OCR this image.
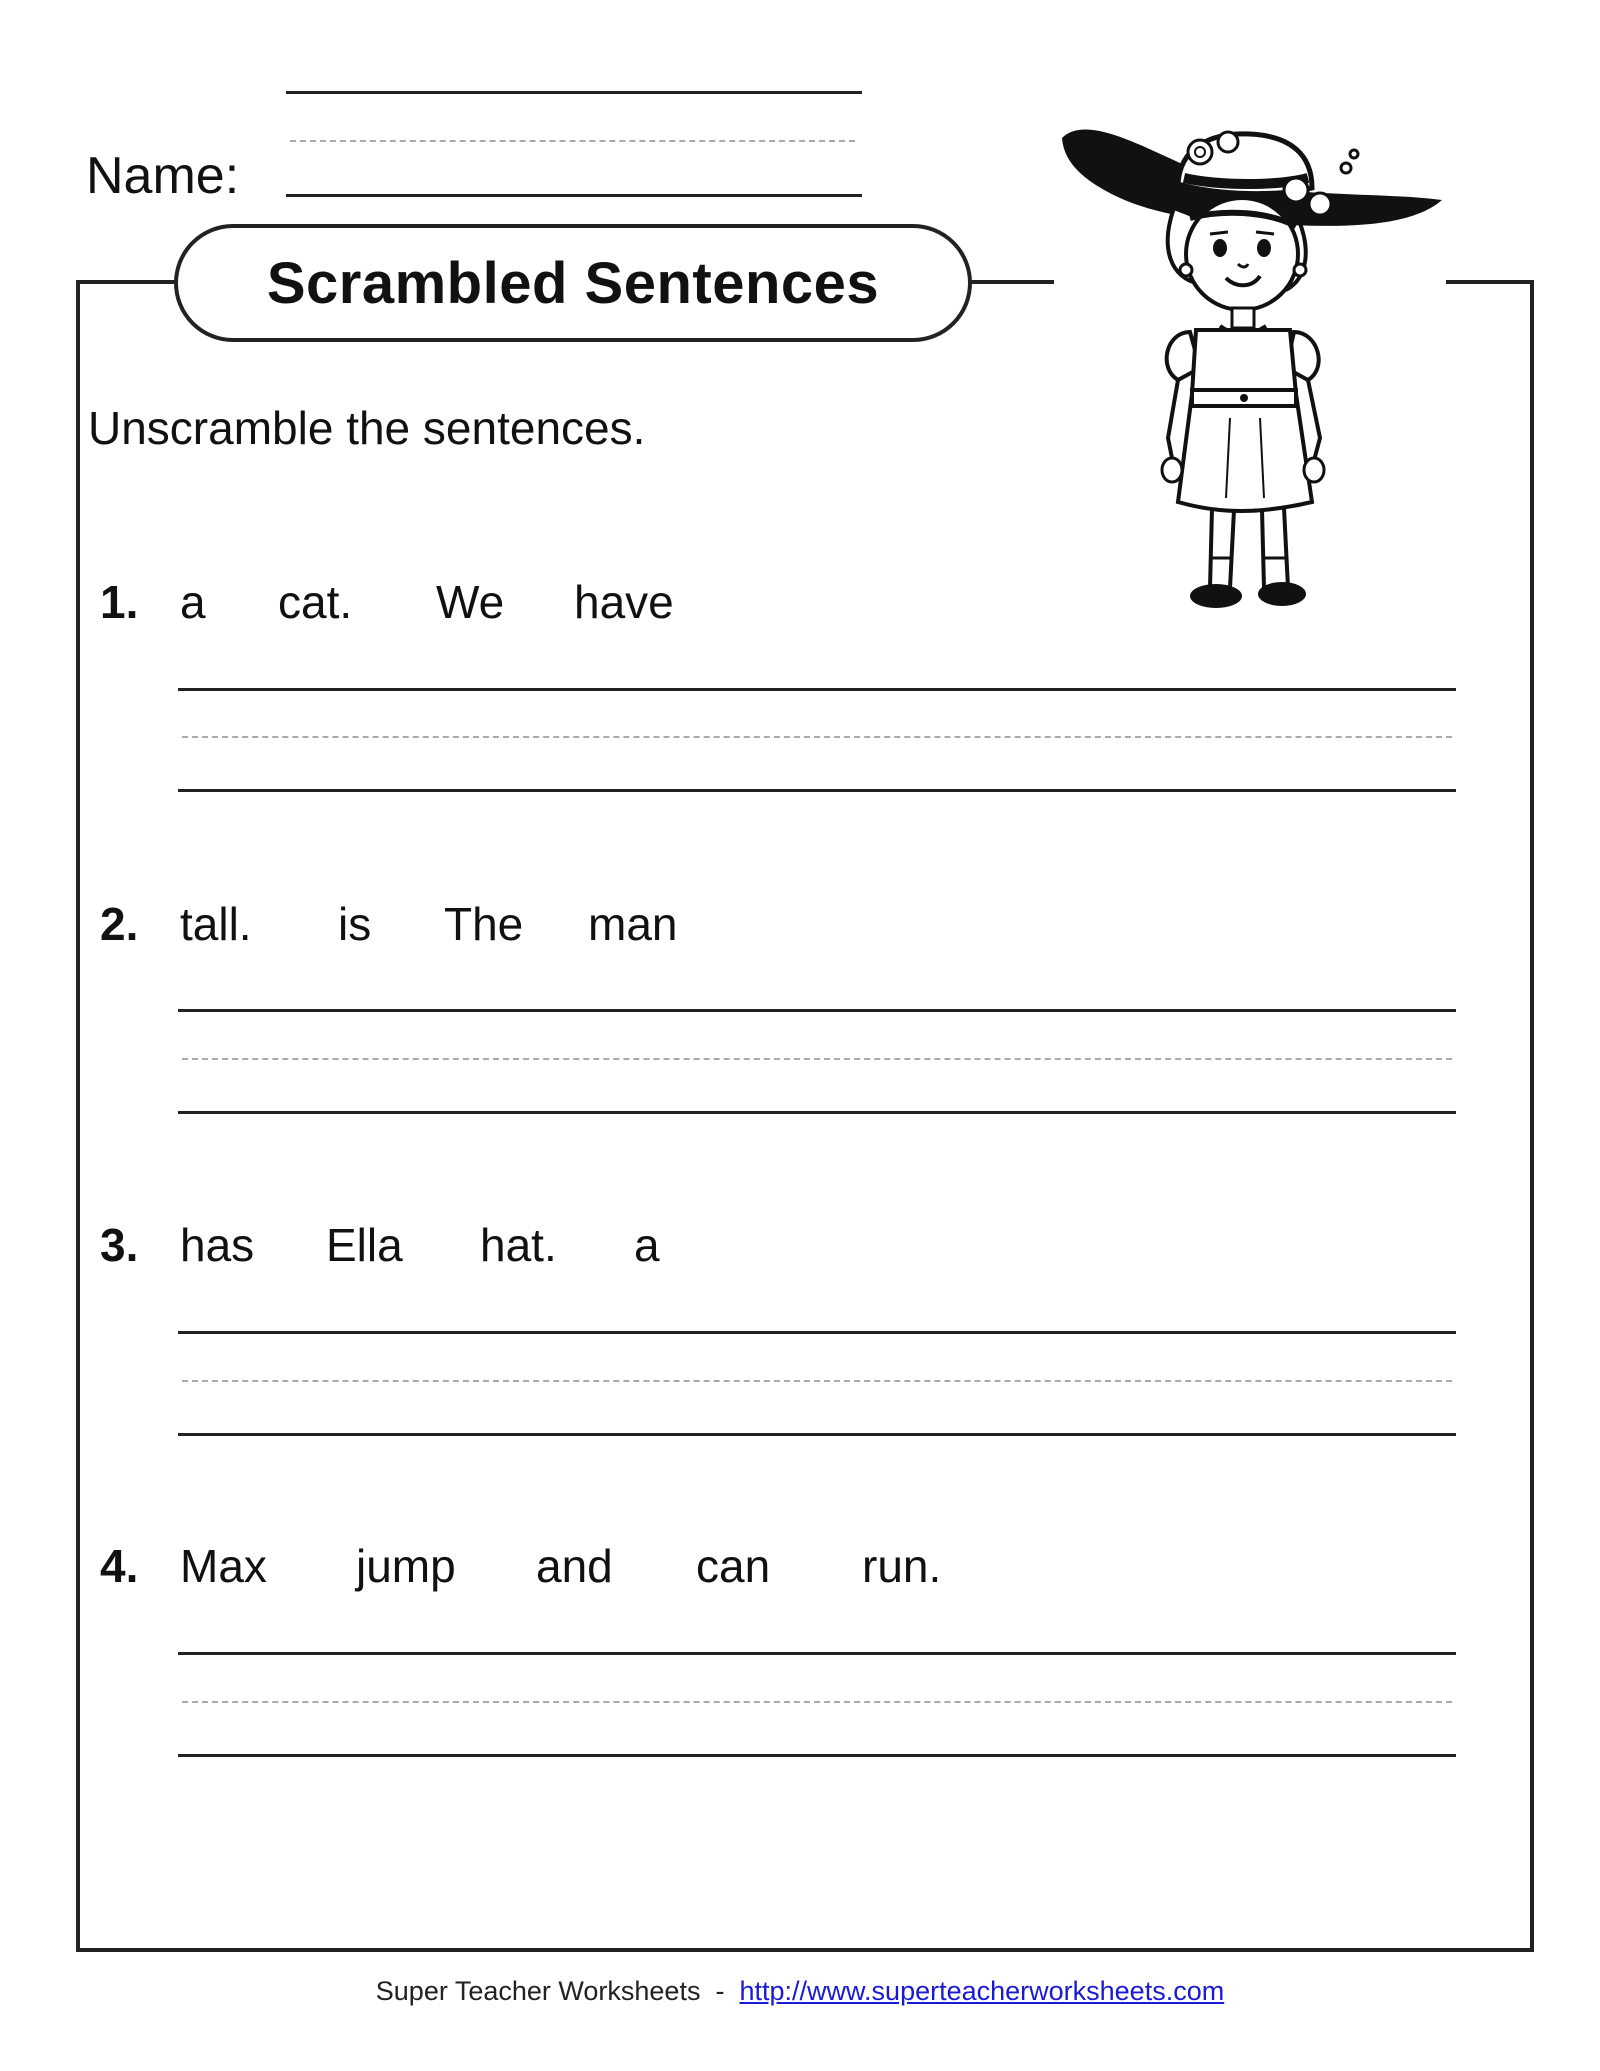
Name:
Scrambled Sentences
Unscramble the sentences.
1. a cat. We have
2. tall. is The man
3. has Ella hat. a
4. Max jump and can run.
Super Teacher Worksheets - http://www.superteacherworksheets.com
